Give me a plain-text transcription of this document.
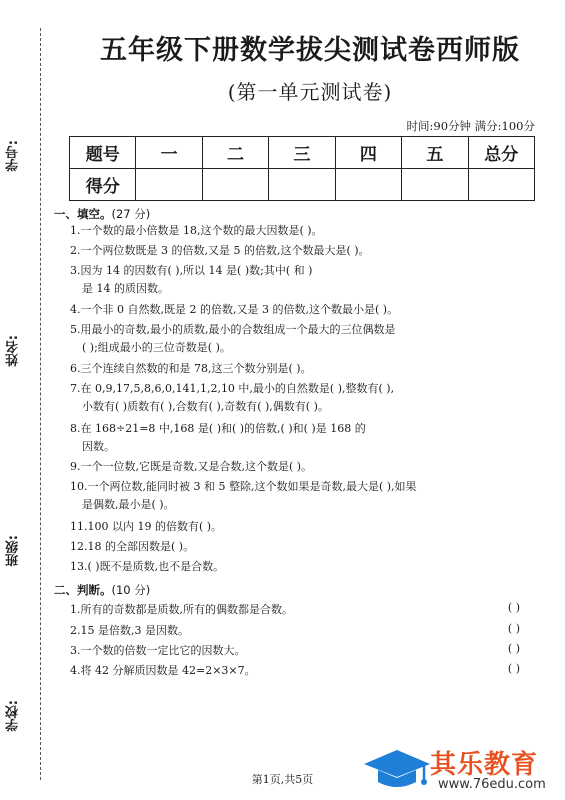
学号:
姓名:
班级:
学校:
五年级下册数学拔尖测试卷西师版
(第一单元测试卷)
时间:90分钟 满分:100分
题号	一	二	三	四	五	总分
得分						
一、填空。(27 分)
1.一个数的最小倍数是 18,这个数的最大因数是( )。
2.一个两位数既是 3 的倍数,又是 5 的倍数,这个数最大是( )。
3.因为 14 的因数有( ),所以 14 是( )数;其中( 和 )
是 14 的质因数。
4.一个非 0 自然数,既是 2 的倍数,又是 3 的倍数,这个数最小是( )。
5.用最小的奇数,最小的质数,最小的合数组成一个最大的三位偶数是
( );组成最小的三位奇数是( )。
6.三个连续自然数的和是 78,这三个数分别是( )。
7.在 0,9,17,5,8,6,0,141,1,2,10 中,最小的自然数是( ),整数有( ),
小数有( )质数有( ),合数有( ),奇数有( ),偶数有( )。
8.在 168÷21=8 中,168 是( )和( )的倍数,( )和( )是 168 的
因数。
9.一个一位数,它既是奇数,又是合数,这个数是( )。
10.一个两位数,能同时被 3 和 5 整除,这个数如果是奇数,最大是( ),如果
是偶数,最小是( )。
11.100 以内 19 的倍数有( )。
12.18 的全部因数是( )。
13.( )既不是质数,也不是合数。
二、判断。(10 分)
1.所有的奇数都是质数,所有的偶数都是合数。	( )
2.15 是倍数,3 是因数。	( )
3.一个数的倍数一定比它的因数大。	( )
4.将 42 分解质因数是 42=2×3×7。	( )
其乐教育
www.76edu.com
第1页,共5页
